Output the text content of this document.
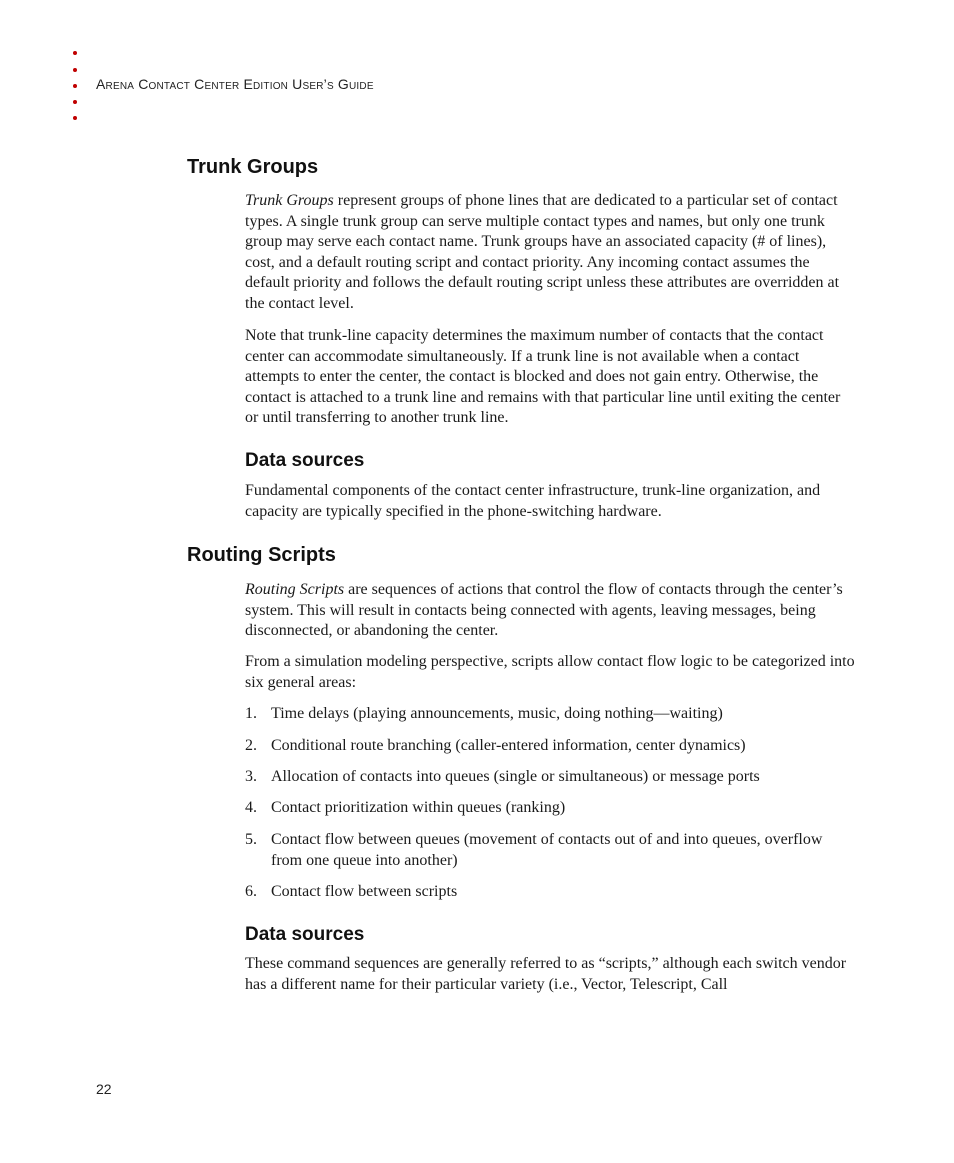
Arena Contact Center Edition User’s Guide
Trunk Groups

Trunk Groups represent groups of phone lines that are dedicated to a particular set of contact types. A single trunk group can serve multiple contact types and names, but only one trunk group may serve each contact name. Trunk groups have an associated capacity (# of lines), cost, and a default routing script and contact priority. Any incoming contact assumes the default priority and follows the default routing script unless these attributes are overridden at the contact level.

Note that trunk-line capacity determines the maximum number of contacts that the contact center can accommodate simultaneously. If a trunk line is not available when a contact attempts to enter the center, the contact is blocked and does not gain entry. Otherwise, the contact is attached to a trunk line and remains with that particular line until exiting the center or until transferring to another trunk line.

Data sources

Fundamental components of the contact center infrastructure, trunk-line organization, and capacity are typically specified in the phone-switching hardware.

Routing Scripts

Routing Scripts are sequences of actions that control the flow of contacts through the center’s system. This will result in contacts being connected with agents, leaving messages, being disconnected, or abandoning the center.

From a simulation modeling perspective, scripts allow contact flow logic to be categorized into six general areas:

1. Time delays (playing announcements, music, doing nothing—waiting)
2. Conditional route branching (caller-entered information, center dynamics)
3. Allocation of contacts into queues (single or simultaneous) or message ports
4. Contact prioritization within queues (ranking)
5. Contact flow between queues (movement of contacts out of and into queues, overflow from one queue into another)
6. Contact flow between scripts
Data sources

These command sequences are generally referred to as “scripts,” although each switch vendor has a different name for their particular variety (i.e., Vector, Telescript, Call

22
